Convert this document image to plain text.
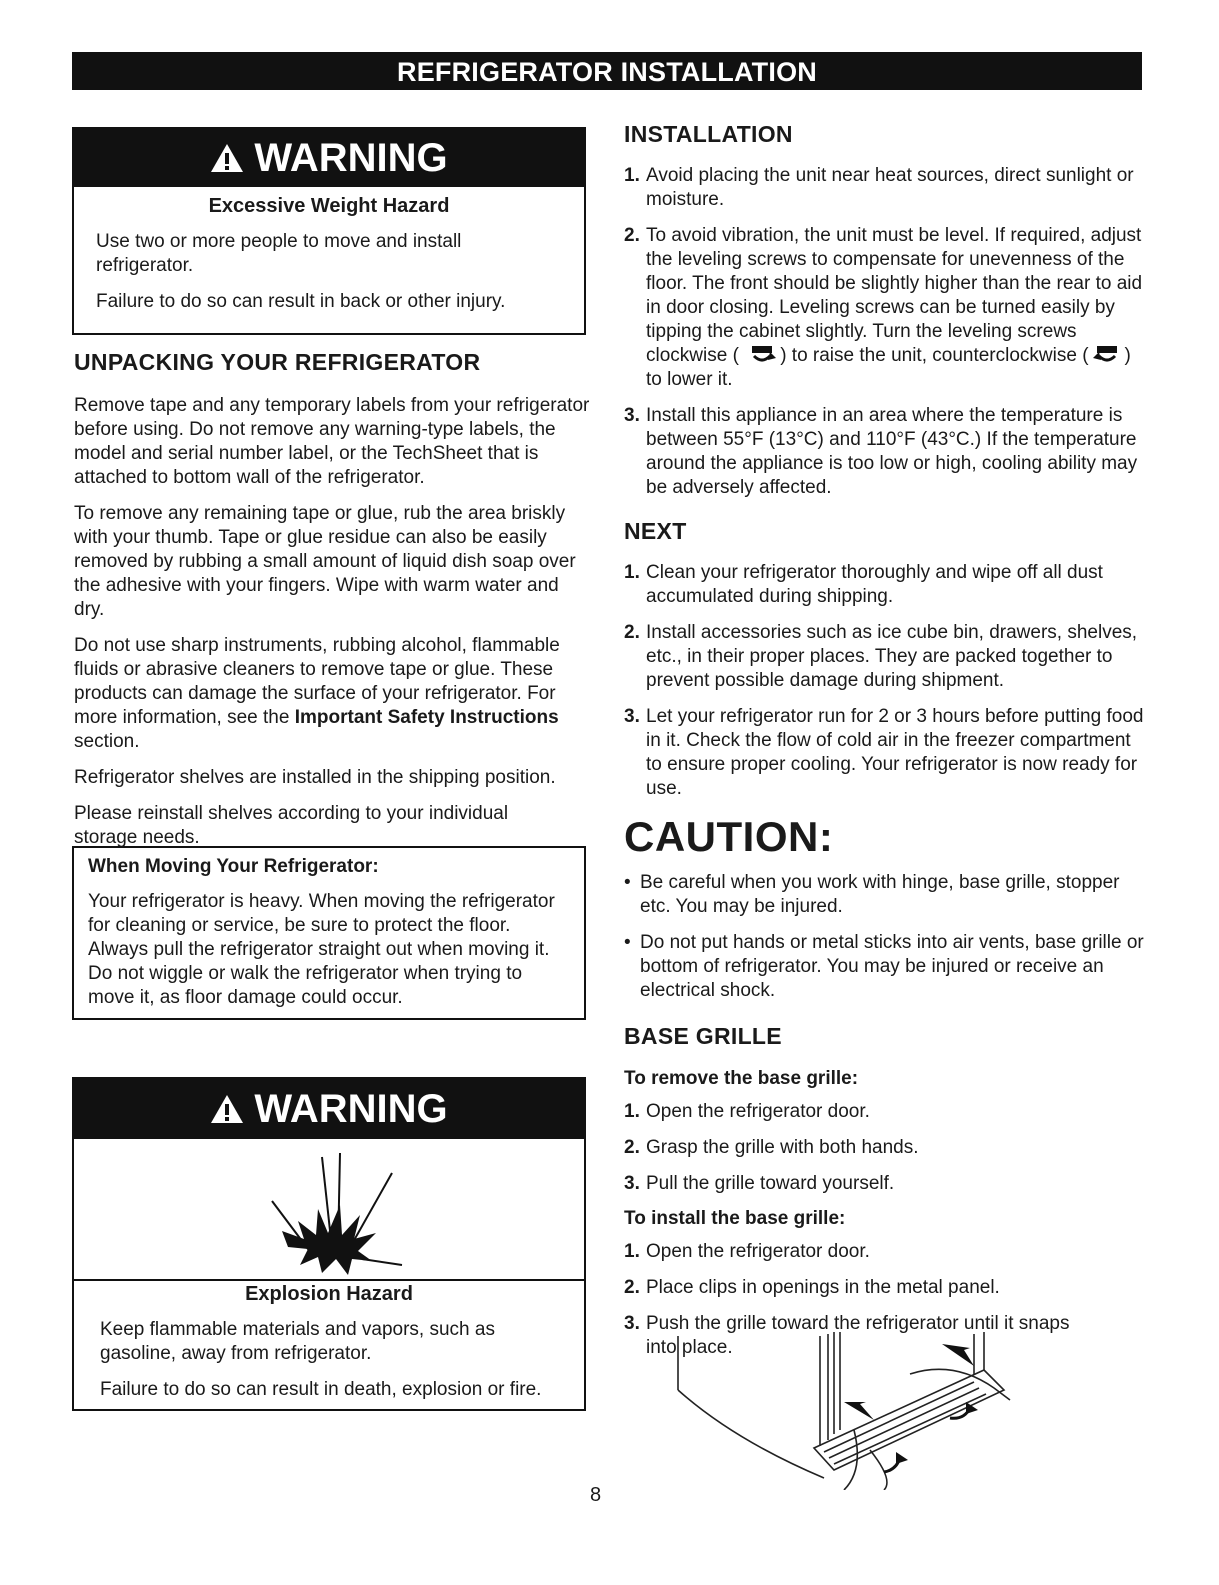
REFRIGERATOR INSTALLATION
WARNING
Excessive Weight Hazard
Use two or more people to move and install refrigerator.
Failure to do so can result in back or other injury.
UNPACKING YOUR REFRIGERATOR

Remove tape and any temporary labels from your refrigerator before using. Do not remove any warning-type labels, the model and serial number label, or the TechSheet that is attached to bottom wall of the refrigerator.

To remove any remaining tape or glue, rub the area briskly with your thumb. Tape or glue residue can also be easily removed by rubbing a small amount of liquid dish soap over the adhesive with your fingers. Wipe with warm water and dry.

Do not use sharp instruments, rubbing alcohol, flammable fluids or abrasive cleaners to remove tape or glue. These products can damage the surface of your refrigerator. For more information, see the Important Safety Instructions section.

Refrigerator shelves are installed in the shipping position.

Please reinstall shelves according to your individual storage needs.

When Moving Your Refrigerator:
Your refrigerator is heavy. When moving the refrigerator for cleaning or service, be sure to protect the floor. Always pull the refrigerator straight out when moving it. Do not wiggle or walk the refrigerator when trying to move it, as floor damage could occur.
WARNING
Explosion Hazard
Keep flammable materials and vapors, such as gasoline, away from refrigerator.
Failure to do so can result in death, explosion or fire.
INSTALLATION
1. Avoid placing the unit near heat sources, direct sunlight or moisture.
2. To avoid vibration, the unit must be level. If required, adjust the leveling screws to compensate for unevenness of the floor. The front should be slightly higher than the rear to aid in door closing. Leveling screws can be turned easily by tipping the cabinet slightly. Turn the leveling screws clockwise ( ) to raise the unit, counterclockwise ( ) to lower it.
3. Install this appliance in an area where the temperature is between 55°F (13°C) and 110°F (43°C.) If the temperature around the appliance is too low or high, cooling ability may be adversely affected.
NEXT
1. Clean your refrigerator thoroughly and wipe off all dust accumulated during shipping.
2. Install accessories such as ice cube bin, drawers, shelves, etc., in their proper places. They are packed together to prevent possible damage during shipment.
3. Let your refrigerator run for 2 or 3 hours before putting food in it. Check the flow of cold air in the freezer compartment to ensure proper cooling. Your refrigerator is now ready for use.
CAUTION:
• Be careful when you work with hinge, base grille, stopper etc. You may be injured.
• Do not put hands or metal sticks into air vents, base grille or bottom of refrigerator. You may be injured or receive an electrical shock.
BASE GRILLE
To remove the base grille:
1. Open the refrigerator door.
2. Grasp the grille with both hands.
3. Pull the grille toward yourself.
To install the base grille:
1. Open the refrigerator door.
2. Place clips in openings in the metal panel.
3. Push the grille toward the refrigerator until it snaps into place.
8
